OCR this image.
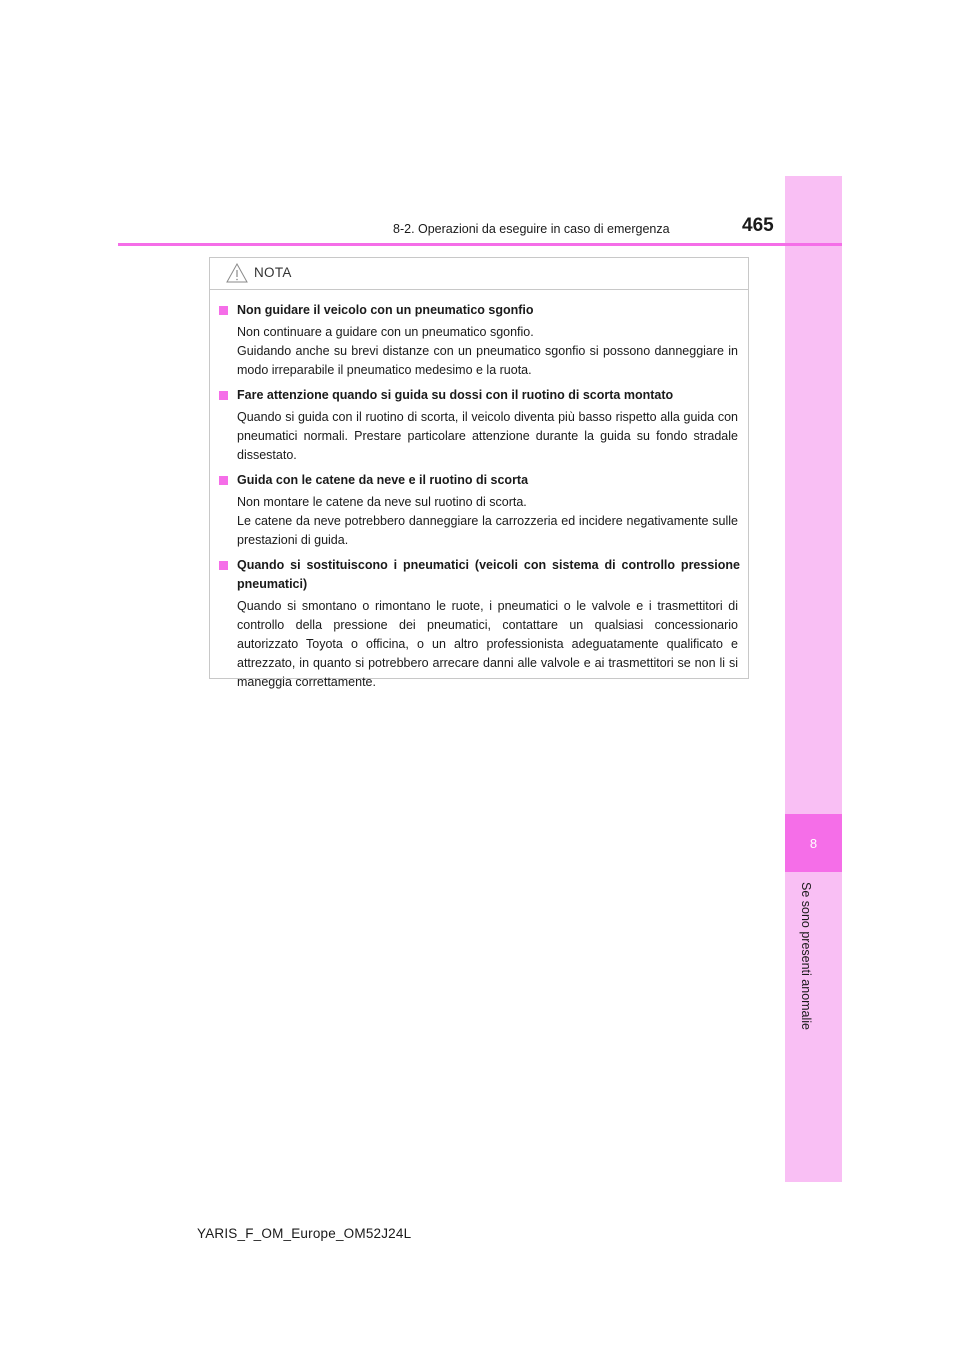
8
Se sono presenti anomalie
8-2. Operazioni da eseguire in caso di emergenza	465
NOTA
Non guidare il veicolo con un pneumatico sgonfio

Non continuare a guidare con un pneumatico sgonfio.

Guidando anche su brevi distanze con un pneumatico sgonfio si possono danneggiare in modo irreparabile il pneumatico medesimo e la ruota.

Fare attenzione quando si guida su dossi con il ruotino di scorta montato

Quando si guida con il ruotino di scorta, il veicolo diventa più basso rispetto alla guida con pneumatici normali. Prestare particolare attenzione durante la guida su fondo stradale dissestato.

Guida con le catene da neve e il ruotino di scorta

Non montare le catene da neve sul ruotino di scorta.

Le catene da neve potrebbero danneggiare la carrozzeria ed incidere negativamente sulle prestazioni di guida.

Quando si sostituiscono i pneumatici (veicoli con sistema di controllo pressione pneumatici)

Quando si smontano o rimontano le ruote, i pneumatici o le valvole e i trasmettitori di controllo della pressione dei pneumatici, contattare un qualsiasi concessionario autorizzato Toyota o officina, o un altro professionista adeguatamente qualificato e attrezzato, in quanto si potrebbero arrecare danni alle valvole e ai trasmettitori se non li si maneggia correttamente.

YARIS_F_OM_Europe_OM52J24L
